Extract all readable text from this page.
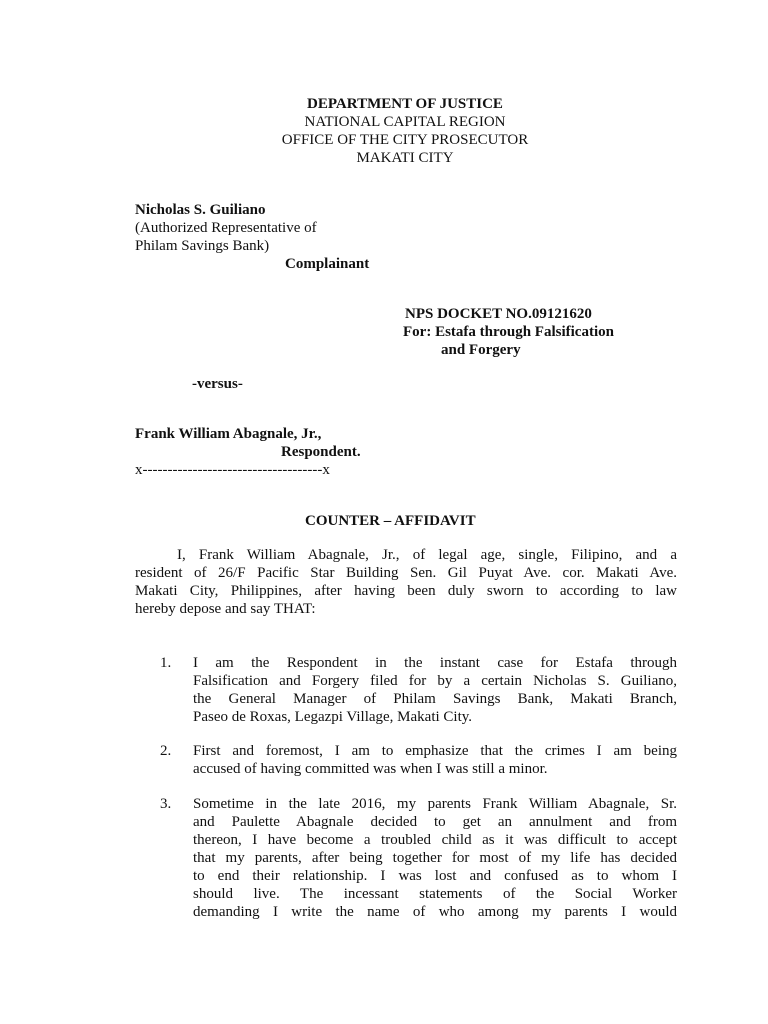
DEPARTMENT OF JUSTICE
NATIONAL CAPITAL REGION
OFFICE OF THE CITY PROSECUTOR
MAKATI CITY
Nicholas S. Guiliano
(Authorized Representative of
Philam Savings Bank)
Complainant
NPS DOCKET NO.09121620
For: Estafa through Falsification
and Forgery
-versus-
Frank William Abagnale, Jr.,
Respondent.
x------------------------------------x
COUNTER – AFFIDAVIT
I, Frank William Abagnale, Jr., of legal age, single, Filipino, and a
resident of 26/F Pacific Star Building Sen. Gil Puyat Ave. cor. Makati Ave.
Makati City, Philippines, after having been duly sworn to according to law
hereby depose and say THAT:
1. I am the Respondent in the instant case for Estafa through
Falsification and Forgery filed for by a certain Nicholas S. Guiliano,
the General Manager of Philam Savings Bank, Makati Branch,
Paseo de Roxas, Legazpi Village, Makati City.
2. First and foremost, I am to emphasize that the crimes I am being
accused of having committed was when I was still a minor.
3. Sometime in the late 2016, my parents Frank William Abagnale, Sr.
and Paulette Abagnale decided to get an annulment and from
thereon, I have become a troubled child as it was difficult to accept
that my parents, after being together for most of my life has decided
to end their relationship. I was lost and confused as to whom I
should live. The incessant statements of the Social Worker
demanding I write the name of who among my parents I would
